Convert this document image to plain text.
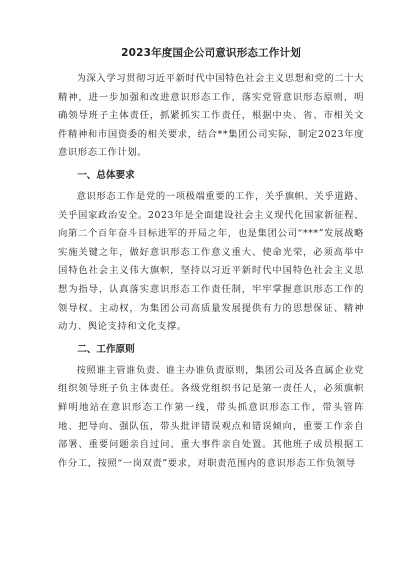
2023年度国企公司意识形态工作计划

为深入学习贯彻习近平新时代中国特色社会主义思想和党的二十大精神，进一步加强和改进意识形态工作，落实党管意识形态原则，明确领导班子主体责任，抓紧抓实工作责任，根据中央、省、市相关文件精神和市国资委的相关要求，结合**集团公司实际，制定2023年度意识形态工作计划。

一、总体要求

意识形态工作是党的一项极端重要的工作，关乎旗帜、关乎道路、关乎国家政治安全。2023年是全面建设社会主义现代化国家新征程、向第二个百年奋斗目标进军的开局之年，也是集团公司“***”发展战略实施关键之年，做好意识形态工作意义重大、使命光荣，必须高举中国特色社会主义伟大旗帜，坚持以习近平新时代中国特色社会主义思想为指导，认真落实意识形态工作责任制，牢牢掌握意识形态工作的领导权、主动权，为集团公司高质量发展提供有力的思想保证、精神动力、舆论支持和文化支撑。

二、工作原则

按照谁主管谁负责、谁主办谁负责原则，集团公司及各直属企业党组织领导班子负主体责任。各级党组织书记是第一责任人，必须旗帜鲜明地站在意识形态工作第一线，带头抓意识形态工作，带头管阵地、把导向、强队伍，带头批评错误观点和错误倾向，重要工作亲自部署、重要问题亲自过问、重大事件亲自处置。其他班子成员根据工作分工，按照“一岗双责”要求，对职责范围内的意识形态工作负领导
